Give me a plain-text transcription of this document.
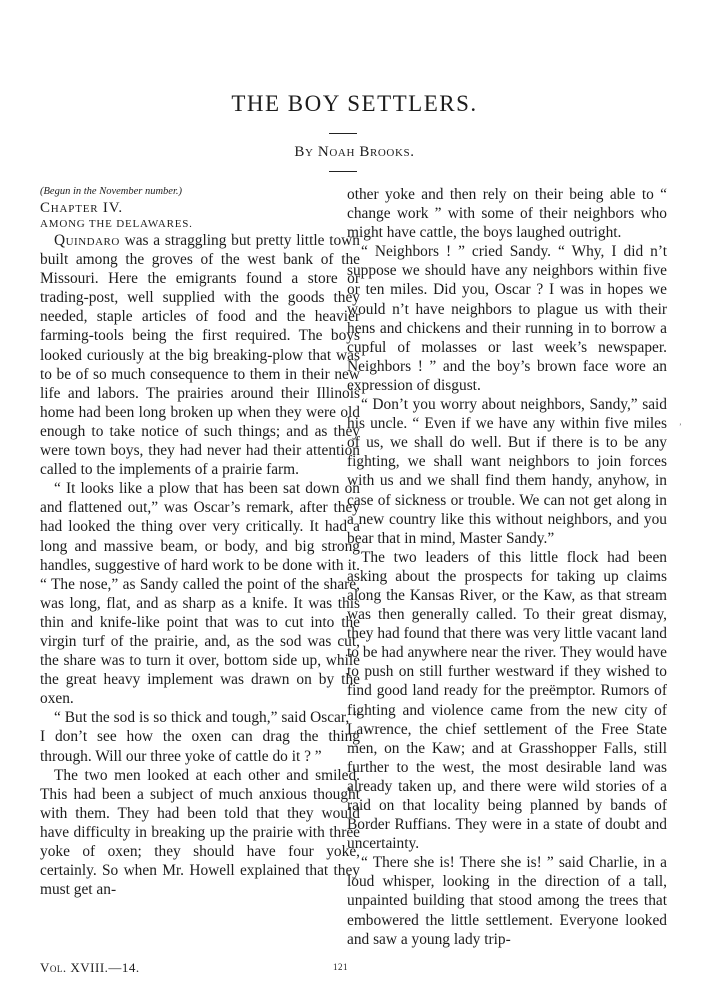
THE BOY SETTLERS.

By Noah Brooks.

(Begun in the November number.)

Chapter IV.

AMONG THE DELAWARES.

Quindaro was a straggling but pretty little town built among the groves of the west bank of the Missouri. Here the emigrants found a store or trading-post, well supplied with the goods they needed, staple articles of food and the heavier farming-tools being the first required. The boys looked curiously at the big breaking-plow that was to be of so much consequence to them in their new life and labors. The prairies around their Illinois home had been long broken up when they were old enough to take notice of such things; and as they were town boys, they had never had their attention called to the implements of a prairie farm.

“ It looks like a plow that has been sat down on and flattened out,” was Oscar’s remark, after they had looked the thing over very critically. It had a long and massive beam, or body, and big strong handles, suggestive of hard work to be done with it. “ The nose,” as Sandy called the point of the share, was long, flat, and as sharp as a knife. It was this thin and knife-like point that was to cut into the virgin turf of the prairie, and, as the sod was cut, the share was to turn it over, bottom side up, while the great heavy implement was drawn on by the oxen.

“ But the sod is so thick and tough,” said Oscar, “ I don’t see how the oxen can drag the thing through. Will our three yoke of cattle do it ? ”

The two men looked at each other and smiled. This had been a subject of much anxious thought with them. They had been told that they would have difficulty in breaking up the prairie with three yoke of oxen; they should have four yoke, certainly. So when Mr. Howell explained that they must get an-

other yoke and then rely on their being able to “ change work ” with some of their neighbors who might have cattle, the boys laughed outright.

“ Neighbors ! ” cried Sandy. “ Why, I did n’t suppose we should have any neighbors within five or ten miles. Did you, Oscar ? I was in hopes we would n’t have neighbors to plague us with their hens and chickens and their running in to borrow a cupful of molasses or last week’s newspaper. Neighbors ! ” and the boy’s brown face wore an expression of disgust.

“ Don’t you worry about neighbors, Sandy,” said his uncle. “ Even if we have any within five miles of us, we shall do well. But if there is to be any fighting, we shall want neighbors to join forces with us and we shall find them handy, anyhow, in case of sickness or trouble. We can not get along in a new country like this without neighbors, and you bear that in mind, Master Sandy.”

The two leaders of this little flock had been asking about the prospects for taking up claims along the Kansas River, or the Kaw, as that stream was then generally called. To their great dismay, they had found that there was very little vacant land to be had anywhere near the river. They would have to push on still further westward if they wished to find good land ready for the preëmptor. Rumors of fighting and violence came from the new city of Lawrence, the chief settlement of the Free State men, on the Kaw; and at Grasshopper Falls, still further to the west, the most desirable land was already taken up, and there were wild stories of a raid on that locality being planned by bands of Border Ruffians. They were in a state of doubt and uncertainty.

“ There she is! There she is! ” said Charlie, in a loud whisper, looking in the direction of a tall, unpainted building that stood among the trees that embowered the little settlement. Everyone looked and saw a young lady trip-

’
Vol. XVIII.—14.	121
